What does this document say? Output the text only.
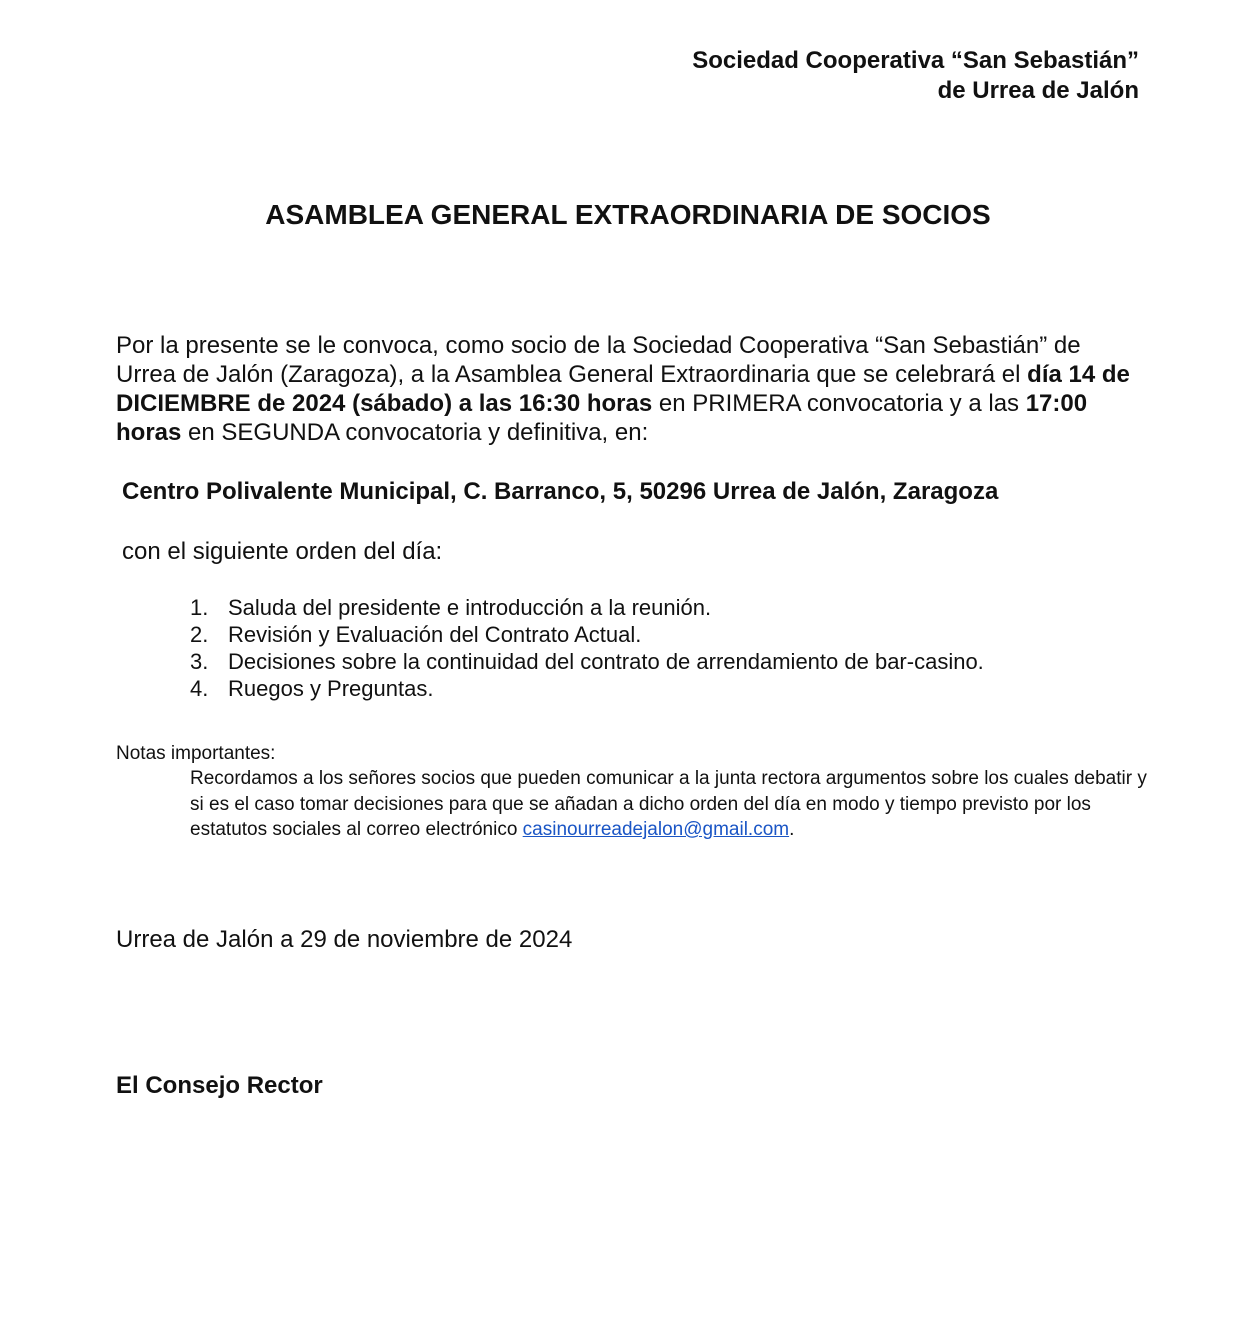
Sociedad Cooperativa “San Sebastián”
de Urrea de Jalón
ASAMBLEA GENERAL EXTRAORDINARIA DE SOCIOS
Por la presente se le convoca, como socio de la Sociedad Cooperativa “San Sebastián” de Urrea de Jalón (Zaragoza), a la Asamblea General Extraordinaria que se celebrará el día 14 de DICIEMBRE de 2024 (sábado) a las 16:30 horas en PRIMERA convocatoria y a las 17:00 horas en SEGUNDA convocatoria y definitiva, en:
Centro Polivalente Municipal, C. Barranco, 5, 50296 Urrea de Jalón, Zaragoza
con el siguiente orden del día:
1. Saluda del presidente e introducción a la reunión.
2. Revisión y Evaluación del Contrato Actual.
3. Decisiones sobre la continuidad del contrato de arrendamiento de bar-casino.
4. Ruegos y Preguntas.
Notas importantes:
Recordamos a los señores socios que pueden comunicar a la junta rectora argumentos sobre los cuales debatir y si es el caso tomar decisiones para que se añadan a dicho orden del día en modo y tiempo previsto por los estatutos sociales al correo electrónico casinourreadejalon@gmail.com.
Urrea de Jalón a 29 de noviembre de 2024
El Consejo Rector
